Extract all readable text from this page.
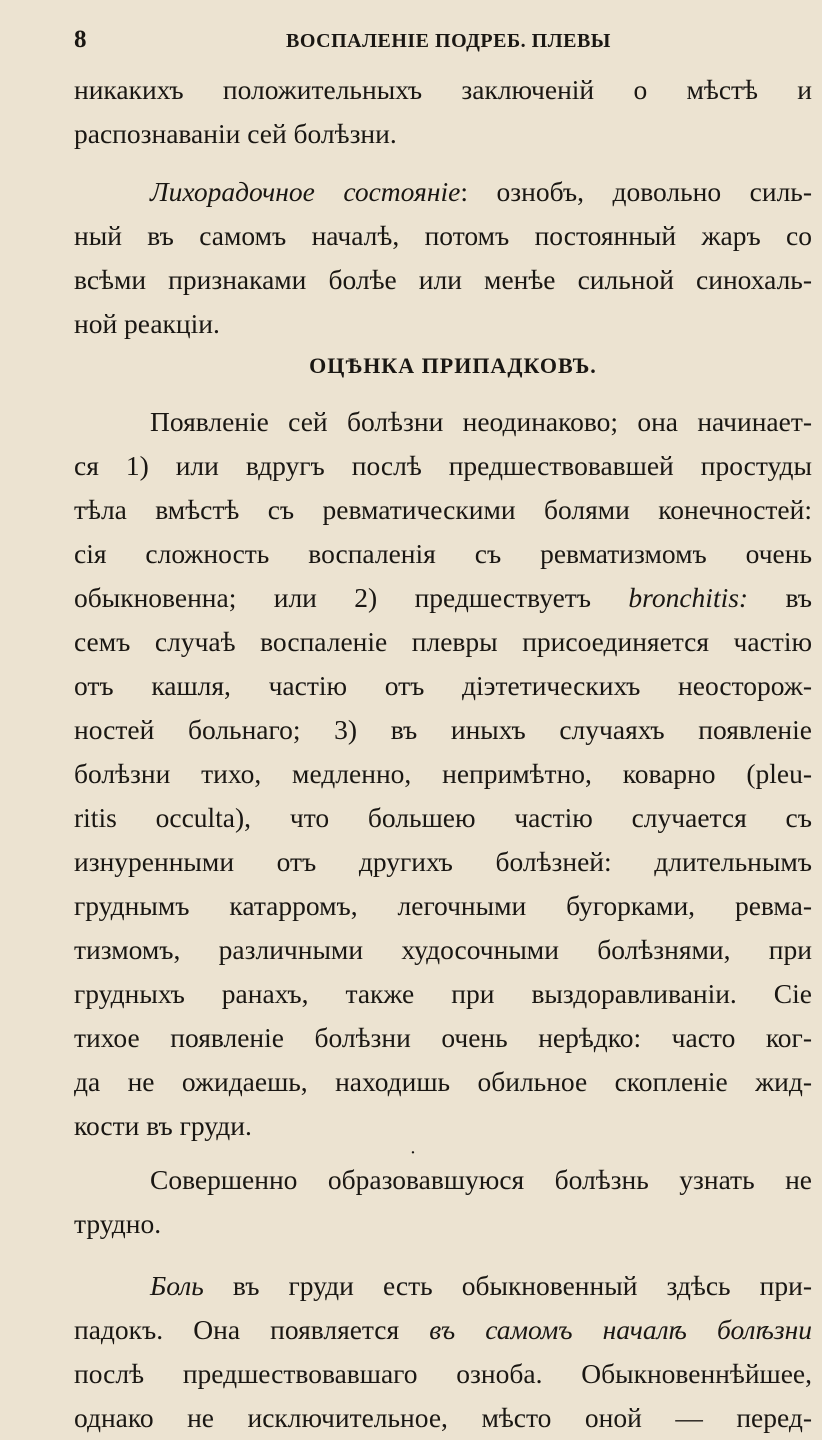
8	ВОСПАЛЕНІЕ ПОДРЕБ. ПЛЕВЫ
никакихъ положительныхъ заключеній о мѣстѣ и
распознаваніи сей болѣзни.
Лихорадочное состояніе: ознобъ, довольно силь-
ный въ самомъ началѣ, потомъ постоянный жаръ со
всѣми признаками болѣе или менѣе сильной синохаль-
ной реакціи.
ОЦѢНКА ПРИПАДКОВЪ.
Появленіе сей болѣзни неодинаково; она начинает-
ся 1) или вдругъ послѣ предшествовавшей простуды
тѣла вмѣстѣ съ ревматическими болями конечностей:
сія сложность воспаленія съ ревматизмомъ очень
обыкновенна; или 2) предшествуетъ bronchitis: въ
семъ случаѣ воспаленіе плевры присоединяется частію
отъ кашля, частію отъ діэтетическихъ неосторож-
ностей больнаго; 3) въ иныхъ случаяхъ появленіе
болѣзни тихо, медленно, непримѣтно, коварно (pleu-
ritis occulta), что большею частію случается съ
изнуренными отъ другихъ болѣзней: длительнымъ
груднымъ катарромъ, легочными бугорками, ревма-
тизмомъ, различными худосочными болѣзнями, при
грудныхъ ранахъ, также при выздоравливаніи. Сіе
тихое появленіе болѣзни очень нерѣдко: часто ког-
да не ожидаешь, находишь обильное скопленіе жид-
кости въ груди.
·
Совершенно образовавшуюся болѣзнь узнать не
трудно.
Боль въ груди есть обыкновенный здѣсь при-
падокъ. Она появляется въ самомъ началѣ болѣзни
послѣ предшествовавшаго озноба. Обыкновеннѣйшее,
однако не исключительное, мѣсто оной — перед-
